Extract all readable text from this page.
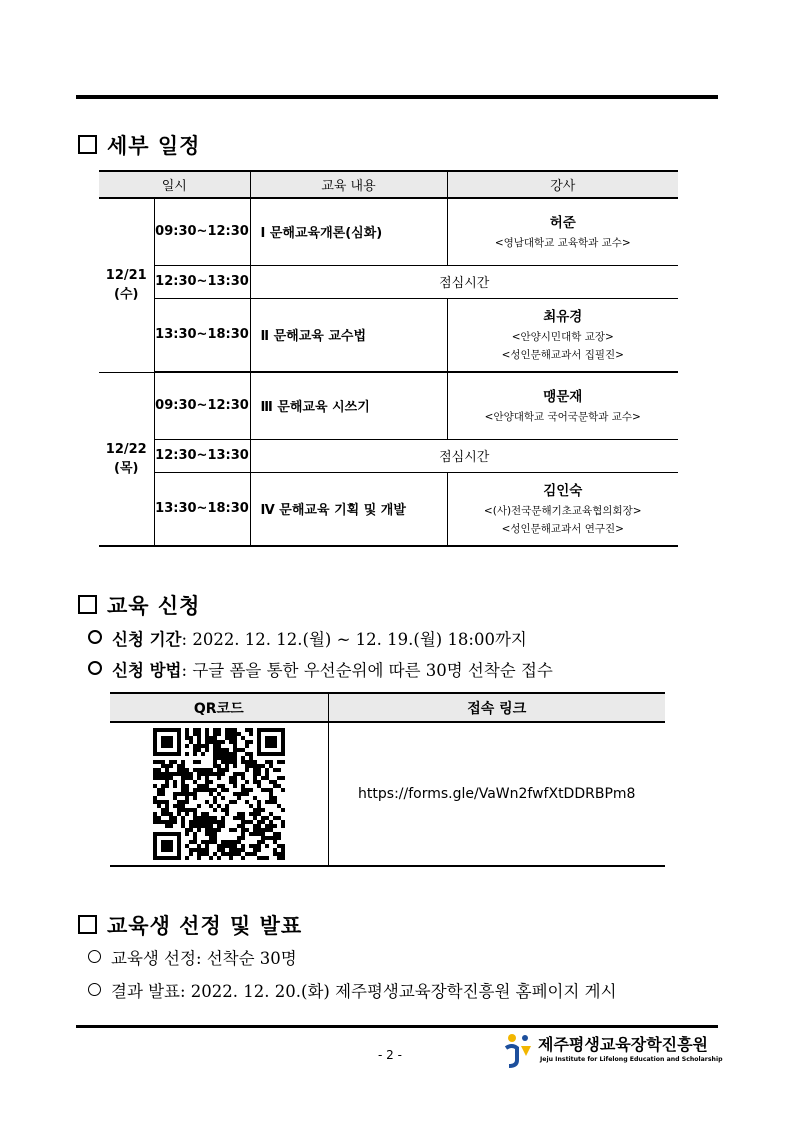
세부 일정
일시		교육 내용	강사
12/21
(수)	09:30~12:30	Ⅰ 문해교육개론(심화)	허준
<영남대학교 교육학과 교수>

	12:30~13:30	점심시간	
	13:30~18:30	Ⅱ 문해교육 교수법	최유경
<안양시민대학 교장>
<성인문해교과서 집필진>

12/22
(목)	09:30~12:30	Ⅲ 문해교육 시쓰기	맹문재
<안양대학교 국어국문학과 교수>

	12:30~13:30	점심시간	
	13:30~18:30	Ⅳ 문해교육 기획 및 개발	김인숙
<(사)전국문해기초교육협의회장>
<성인문해교과서 연구진>
교육 신청
신청 기간: 2022. 12. 12.(월) ~ 12. 19.(월) 18:00까지
신청 방법: 구글 폼을 통한 우선순위에 따른 30명 선착순 접수
QR코드	접속 링크

	https://forms.gle/VaWn2fwfXtDDRBPm8
교육생 선정 및 발표
교육생 선정: 선착순 30명
결과 발표: 2022. 12. 20.(화) 제주평생교육장학진흥원 홈페이지 게시
- 2 -
제주평생교육장학진흥원
Jeju Institute for Lifelong Education and Scholarship
